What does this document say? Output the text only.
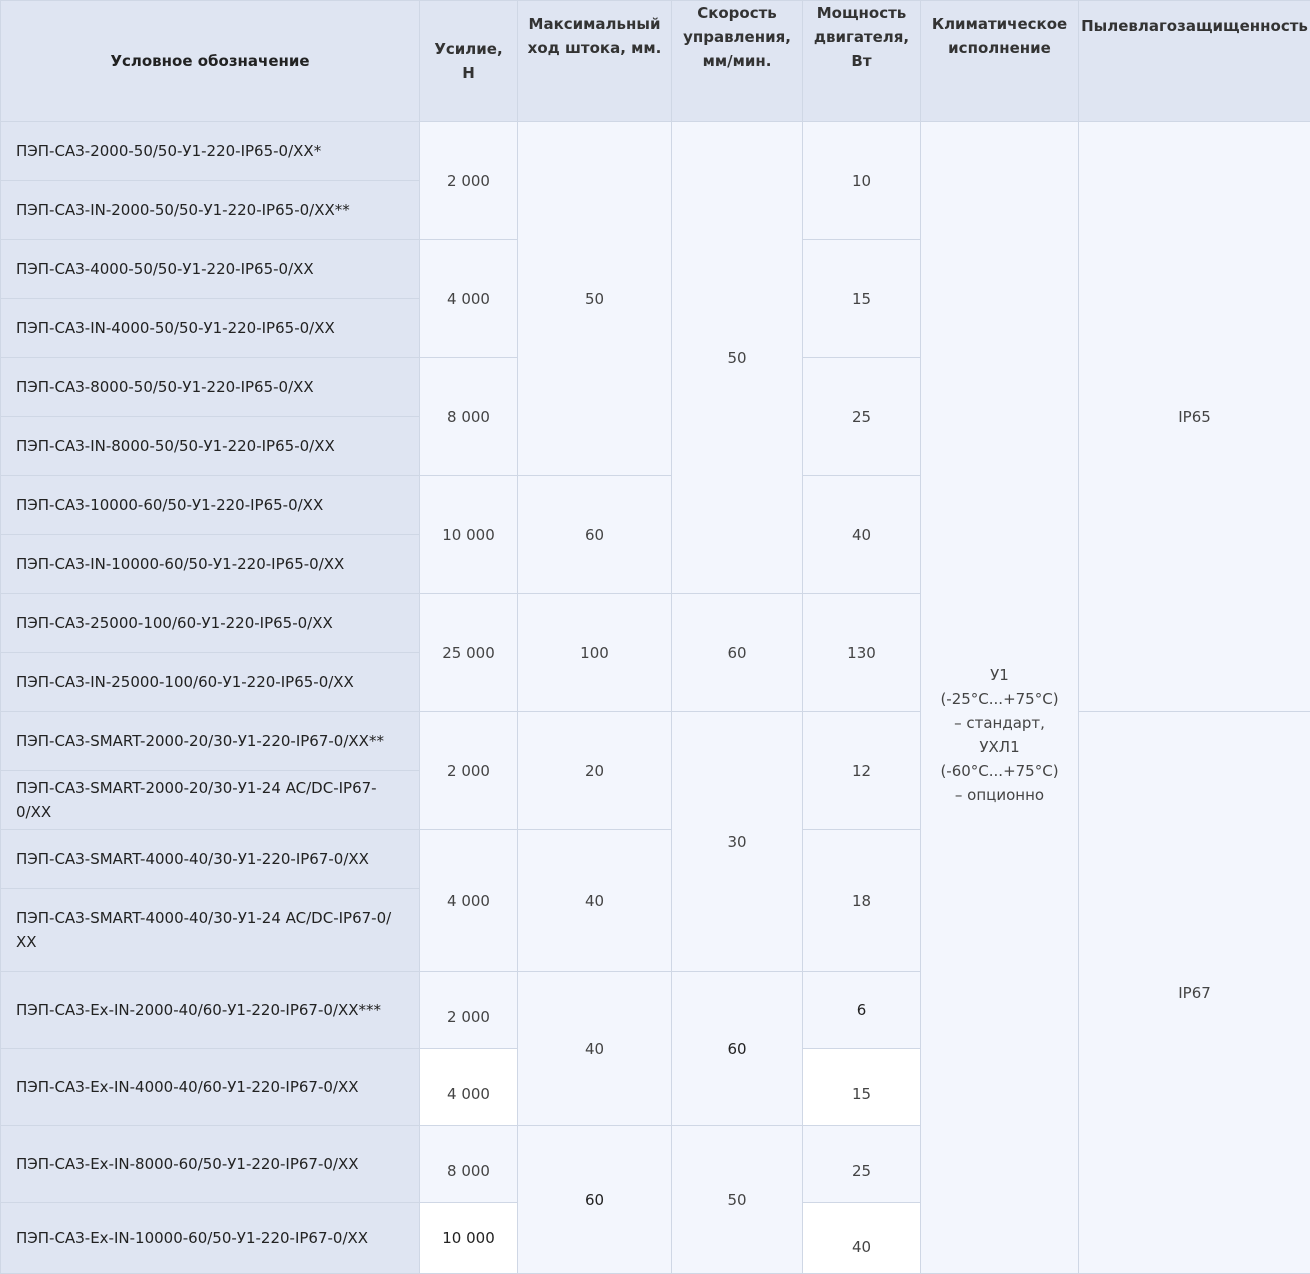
Условное обозначение	Усилие, Н	Максимальный ход штока, мм.	Скорость управления, мм/мин.	Мощность двигателя, Вт	Климатическое исполнение	Пылевлагозащищенность
ПЭП-САЗ-2000-50/50-У1-220-IP65-0/XX*	2 000	50	50	10	У1 (-25°С...+75°С) – стандарт, УХЛ1 (-60°С...+75°С) – опционно	IP65
ПЭП-САЗ-IN-2000-50/50-У1-220-IP65-0/XX**						
ПЭП-САЗ-4000-50/50-У1-220-IP65-0/XX	4 000			15		
ПЭП-САЗ-IN-4000-50/50-У1-220-IP65-0/XX						
ПЭП-САЗ-8000-50/50-У1-220-IP65-0/XX	8 000			25		
ПЭП-САЗ-IN-8000-50/50-У1-220-IP65-0/XX						
ПЭП-САЗ-10000-60/50-У1-220-IP65-0/XX	10 000	60		40		
ПЭП-САЗ-IN-10000-60/50-У1-220-IP65-0/XX						
ПЭП-САЗ-25000-100/60-У1-220-IP65-0/XX	25 000	100	60	130		
ПЭП-САЗ-IN-25000-100/60-У1-220-IP65-0/XX						
ПЭП-САЗ-SMART-2000-20/30-У1-220-IP67-0/XX**	2 000	20	30	12		IP67
ПЭП-САЗ-SMART-2000-20/30-У1-24 AC/DC-IP67-0/XX						
ПЭП-САЗ-SMART-4000-40/30-У1-220-IP67-0/XX	4 000	40		18		
ПЭП-САЗ-SMART-4000-40/30-У1-24 AC/DC-IP67-0/ XX						
ПЭП-САЗ-Ex-IN-2000-40/60-У1-220-IP67-0/XX***	2 000	40	60	6		
ПЭП-САЗ-Ex-IN-4000-40/60-У1-220-IP67-0/XX	4 000			15		
ПЭП-САЗ-Ex-IN-8000-60/50-У1-220-IP67-0/XX	8 000	60	50	25		
ПЭП-САЗ-Ex-IN-10000-60/50-У1-220-IP67-0/XX	10 000			40		
